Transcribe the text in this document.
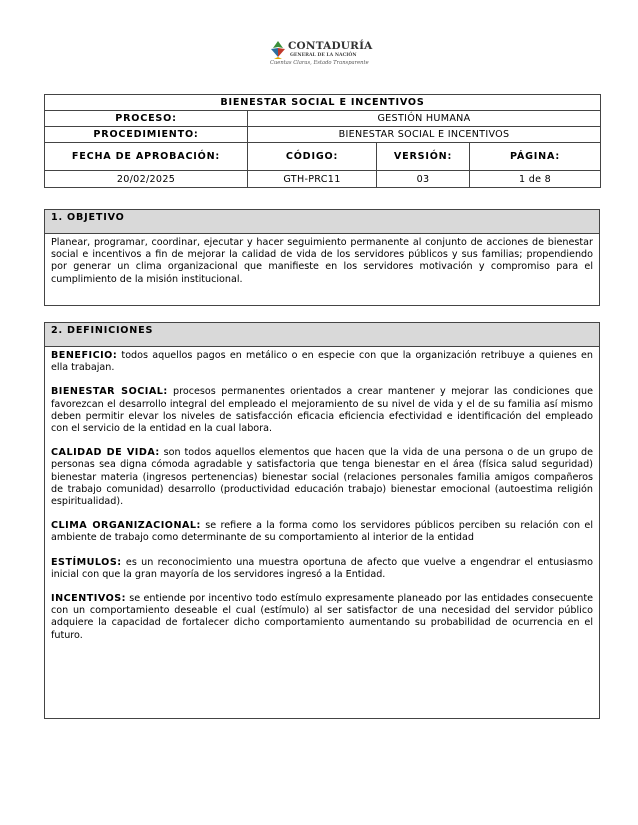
CONTADURÍA
GENERAL DE LA NACIÓN
Cuentas Claras, Estado Transparente
BIENESTAR SOCIAL E INCENTIVOS			
PROCESO:	GESTIÓN HUMANA		
PROCEDIMIENTO:	BIENESTAR SOCIAL E INCENTIVOS		
FECHA DE APROBACIÓN:	CÓDIGO:	VERSIÓN:	PÁGINA:
20/02/2025	GTH-PRC11	03	1 de 8
1. OBJETIVO

Planear, programar, coordinar, ejecutar y hacer seguimiento permanente al conjunto de acciones de bienestar social e incentivos a fin de mejorar la calidad de vida de los servidores públicos y sus familias; propendiendo por generar un clima organizacional que manifieste en los servidores motivación y compromiso para el cumplimiento de la misión institucional.

2. DEFINICIONES

BENEFICIO: todos aquellos pagos en metálico o en especie con que la organización retribuye a quienes en ella trabajan.

BIENESTAR SOCIAL: procesos permanentes orientados a crear mantener y mejorar las condiciones que favorezcan el desarrollo integral del empleado el mejoramiento de su nivel de vida y el de su familia así mismo deben permitir elevar los niveles de satisfacción eficacia eficiencia efectividad e identificación del empleado con el servicio de la entidad en la cual labora.

CALIDAD DE VIDA: son todos aquellos elementos que hacen que la vida de una persona o de un grupo de personas sea digna cómoda agradable y satisfactoria que tenga bienestar en el área (física salud seguridad) bienestar materia (ingresos pertenencias) bienestar social (relaciones personales familia amigos compañeros de trabajo comunidad) desarrollo (productividad educación trabajo) bienestar emocional (autoestima religión espiritualidad).

CLIMA ORGANIZACIONAL: se refiere a la forma como los servidores públicos perciben su relación con el ambiente de trabajo como determinante de su comportamiento al interior de la entidad

ESTÍMULOS: es un reconocimiento una muestra oportuna de afecto que vuelve a engendrar el entusiasmo inicial con que la gran mayoría de los servidores ingresó a la Entidad.

INCENTIVOS: se entiende por incentivo todo estímulo expresamente planeado por las entidades consecuente con un comportamiento deseable el cual (estímulo) al ser satisfactor de una necesidad del servidor público adquiere la capacidad de fortalecer dicho comportamiento aumentando su probabilidad de ocurrencia en el futuro.
